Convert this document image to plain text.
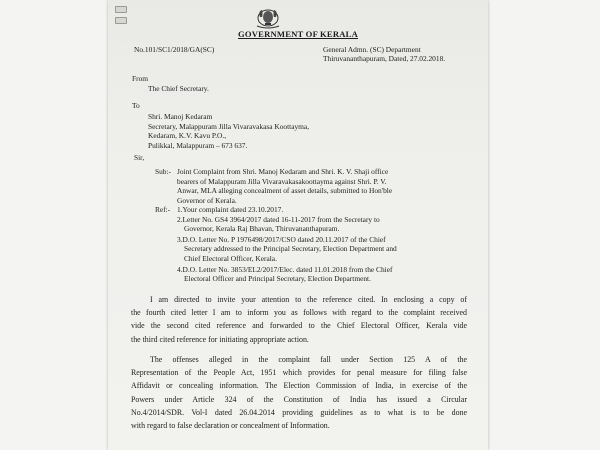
GOVERNMENT OF KERALA
No.101/SC1/2018/GA(SC)	General Admn. (SC) Department
Thiruvananthapuram, Dated, 27.02.2018.
From
The Chief Secretary.
To
Shri. Manoj Kedaram
Secretary, Malappuram Jilla Vivaravakasa Koottayma,
Kedaram, K.V. Kavu P.O.,
Pulikkal, Malappuram – 673 637.
Sir,
Sub:- Joint Complaint from Shri. Manoj Kedaram and Shri. K. V. Shaji office
bearers of Malappuram Jilla Vivaravakasakoottayma against Shri. P. V.
Anwar, MLA alleging concealment of asset details, submitted to Hon'ble
Governor of Kerala.
Ref:- 1.Your complaint dated 23.10.2017.
2.Letter No. GS4 3964/2017 dated 16-11-2017 from the Secretary to
Governor, Kerala Raj Bhavan, Thiruvananthapuram.
3.D.O. Letter No. P 1976498/2017/CSO dated 20.11.2017 of the Chief
Secretary addressed to the Principal Secretary, Election Department and
Chief Electoral Officer, Kerala.
4.D.O. Letter No. 3853/EL2/2017/Elec. dated 11.01.2018 from the Chief
Electoral Officer and Principal Secretary, Election Department.
I am directed to invite your attention to the reference cited. In enclosing a copy of
the fourth cited letter I am to inform you as follows with regard to the complaint received
vide the second cited reference and forwarded to the Chief Electoral Officer, Kerala vide
the third cited reference for initiating appropriate action.
The offenses alleged in the complaint fall under Section 125 A of the
Representation of the People Act, 1951 which provides for penal measure for filing false
Affidavit or concealing information. The Election Commission of India, in exercise of the
Powers under Article 324 of the Constitution of India has issued a Circular
No.4/2014/SDR. Vol-I dated 26.04.2014 providing guidelines as to what is to be done
with regard to false declaration or concealment of Information.
